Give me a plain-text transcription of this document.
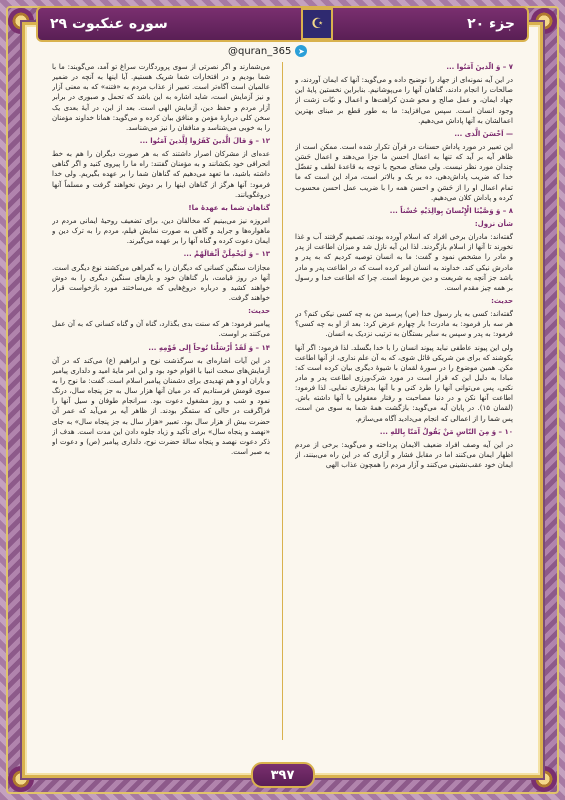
جزء ۲۰
☪
سوره عنکبوت ۲۹
➤
@quran_365

۷ – وَ الَّذینَ آمَنُوا ...

در این آیه نمونه‌ای از جهاد را توضیح داده و می‌گوید: آنها که ایمان آوردند، و صالحات را انجام دادند، گناهان آنها را می‌پوشانیم. بنابراین نخستین پایهٔ این جهاد ایمان، و عمل صالح و محو شدن کراهت‌ها و اعمال و نیّات زشت از وجود انسان است. سپس می‌افزاید: ما به طور قطع بر مبنای بهترین اعمالشان به آنها پاداش می‌دهیم.

— اَحْسَنَ الَّذى ...

این تعبیر در مورد پاداش حسنات در قرآن تکرار شده است. ممکن است از ظاهر آیه بر آید که تنها به اعمال احسن ما جزا می‌دهند و اعمال حَسَن چندان مورد نظر نیست. ولی معنای صحیح با توجه به قاعدهٔ لطف و تفضّل خدا که ضریب پاداش‌دهی، ده بر یک و بالاتر است، مراد این است که ما تمام اعمال او را از حَسَن و احسن همه را با ضریب عمل احسن محسوب کرده و پاداش کلان می‌دهیم.

۸ – وَ وَصَّیْنَا الْإِنْسانَ بِوالِدَیْهِ حُسْناً ...

شأن نزول:

گفته‌اند: مادران برخی افراد که اسلام آورده بودند، تصمیم گرفتند آب و غذا نخورند تا آنها از اسلام بازگردند. لذا این آیه نازل شد و میزان اطاعت از پدر و مادر را مشخص نمود و گفت: ما به انسان توصیه کردیم که به پدر و مادرش نیکی کند. خداوند به انسان امر کرده است که در اطاعت پدر و مادر باشد جز آنچه به شریعت و دین مربوط است. چرا که اطاعت خدا و رسول بر همه چیز مقدم است.

حدیث:

گفته‌اند: کسی به یار رسول خدا (ص) پرسید من به چه کسی نیکی کنم؟ در هر سه بار فرمود: به مادرت! بار چهارم عرض کرد: بعد از او به چه کسی؟ فرمود: به پدر و سپس به سایر بستگان به ترتیب نزدیک به انسان.

ولی این پیوند عاطفی نباید پیوند انسان را با خدا بگسلد. لذا فرمود: اگر آنها بکوشند که برای من شریکی قائل شوی، که به آن علم نداری، از آنها اطاعت مکن. همین موضوع را در سورهٔ لقمان با شیوهٔ دیگری بیان کرده است که: مبادا به دلیل این که قرار است در مورد شرک‌ورزی اطاعت پدر و مادر نکنی، پس می‌توانی آنها را طرد کنی و با آنها بدرفتاری نمایی. لذا فرمود: اطاعت آنها نکن و در دنیا مصاحبت و رفتار معقولی با آنها داشته باش. (لقمان ۱۵). در پایان آیه می‌گوید: بازگشت همهٔ شما به سوی من است، پس شما را از اعمالی که انجام می‌دادید آگاه می‌سازم.

۱۰ – وَ مِنَ النّاسِ مَنْ یَقُولُ آمَنّا بِاللهِ ...

در این آیه وصف افراد ضعیف الایمان پرداخته و می‌گوید: برخی از مردم اظهار ایمان می‌کنند اما در مقابل فشار و آزاری که در این راه می‌بینند، از ایمان خود عقب‌نشینی می‌کنند و آزار مردم را همچون عذاب الهی

می‌شمارند و اگر نصرتی از سوی پروردگارت سراغ تو آمد، می‌گویند: ما با شما بودیم و در افتخارات شما شریک هستیم. آیا اینها به آنچه در ضمیر عالمیان است آگاه‌تر است. تعبیر از عذاب مردم به «فتنه» که به معنی آزار و نیز آزمایش است، شاید اشاره به این باشد که تحمل و صبوری در برابر آزار مردم و حفظ دین، آزمایش الهی است. بعد از این، در آیهٔ بعدی یک سخن کلی دربارهٔ مؤمن و منافق بیان کرده و می‌گوید: همانا خداوند مؤمنان را به خوبی می‌شناسد و منافقان را نیز می‌شناسد.

۱۲ – وَ قالَ الَّذینَ کَفَرُوا لِلَّذینَ آمَنُوا ...

عده‌ای از مشرکان اصرار داشتند که به هر صورت دیگران را هم به خط انحرافی خود بکشانند و به مؤمنان گفتند: راه ما را پیروی کنید و اگر گناهی داشته باشید، ما تعهد می‌دهیم که گناهان شما را بر عهده بگیریم. ولی خدا فرمود: آنها هرگز از گناهان اینها را بر دوش نخواهند گرفت و مسلماً آنها دروغگویانند.

گناهان شما به عهدهٔ ما!

امروزه نیز می‌بینیم که مخالفان دین، برای تضعیف روحیهٔ ایمانی مردم در ماهواره‌ها و جراید و گاهی به صورت نمایش فیلم، مردم را به ترک دین و ایمان دعوت کرده و گناه آنها را بر عهده می‌گیرند.

۱۳ – وَ لَیَحْمِلُنَّ أَثْقالَهُمْ ...

مجازات سنگین کسانی که دیگران را به گمراهی می‌کشند نوع دیگری است. آنها در روز قیامت، بار گناهان خود و بارهای سنگین دیگری را به دوش خواهند کشید و درباره دروغ‌هایی که می‌ساختند مورد بازخواست قرار خواهند گرفت.

حدیث:

پیامبر فرمود: هر که سنت بدی بگذارد، گناه آن و گناه کسانی که به آن عمل می‌کنند بر اوست.

۱۴ – وَ لَقَدْ أَرْسَلْنا نُوحاً إِلی قَوْمِهِ ...

در این آیات اشاره‌ای به سرگذشت نوح و ابراهیم (ع) می‌کند که در آن آزمایش‌های سخت انبیا با اقوام خود بود و این امر مایهٔ امید و دلداری پیامبر و یاران او و هم تهدیدی برای دشمنان پیامبر اسلام است. گفت: ما نوح را به سوی قومش فرستادیم که در میان آنها هزار سال به جز پنجاه سال، درنگ نمود و شب و روز مشغول دعوت بود. سرانجام طوفان و سیل آنها را فراگرفت در حالی که ستمگر بودند. از ظاهر آیه بر می‌آید که عمر آن حضرت بیش از هزار سال بود. تعبیر «هزار سال به جز پنجاه سال» به جای «نهصد و پنجاه سال» برای تأکید و زیاد جلوه دادن این مدت است. هدف از ذکر دعوت نهصد و پنجاه سالهٔ حضرت نوح، دلداری پیامبر (ص) و دعوت او به صبر است.

۳۹۷
